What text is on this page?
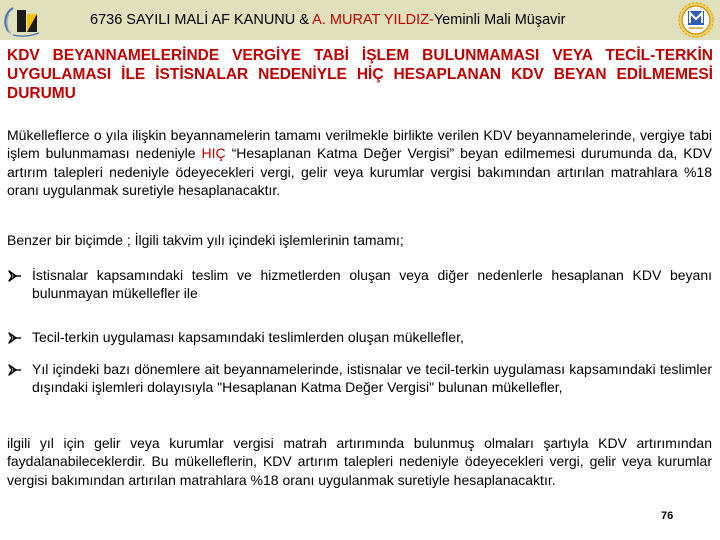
6736 SAYILI MALİ AF KANUNU & A. MURAT YILDIZ-Yeminli Mali Müşavir
KDV BEYANNAMELERİNDE VERGİYE TABİ İŞLEM BULUNMAMASI VEYA TECİL-TERKİN UYGULAMASI İLE İSTİSNALAR NEDENİYLE HİÇ HESAPLANAN KDV BEYAN EDİLMEMESİ DURUMU
Mükelleflerce o yıla ilişkin beyannamelerin tamamı verilmekle birlikte verilen KDV beyannamelerinde, vergiye tabi işlem bulunmaması nedeniyle HIÇ “Hesaplanan Katma Değer Vergisi” beyan edilmemesi durumunda da, KDV artırım talepleri nedeniyle ödeyecekleri vergi, gelir veya kurumlar vergisi bakımından artırılan matrahlara %18 oranı uygulanmak suretiyle hesaplanacaktır.
Benzer bir biçimde ; İlgili takvim yılı içindeki işlemlerinin tamamı;
İstisnalar kapsamındaki teslim ve hizmetlerden oluşan veya diğer nedenlerle hesaplanan KDV beyanı bulunmayan mükellefler ile
Tecil-terkin uygulaması kapsamındaki teslimlerden oluşan mükellefler,
Yıl içindeki bazı dönemlere ait beyannamelerinde, istisnalar ve tecil-terkin uygulaması kapsamındaki teslimler dışındaki işlemleri dolayısıyla "Hesaplanan Katma Değer Vergisi" bulunan mükellefler,
ilgili yıl için gelir veya kurumlar vergisi matrah artırımında bulunmuş olmaları şartıyla KDV artırımından faydalanabileceklerdir. Bu mükelleflerin, KDV artırım talepleri nedeniyle ödeyecekleri vergi, gelir veya kurumlar vergisi bakımından artırılan matrahlara %18 oranı uygulanmak suretiyle hesaplanacaktır.
76
